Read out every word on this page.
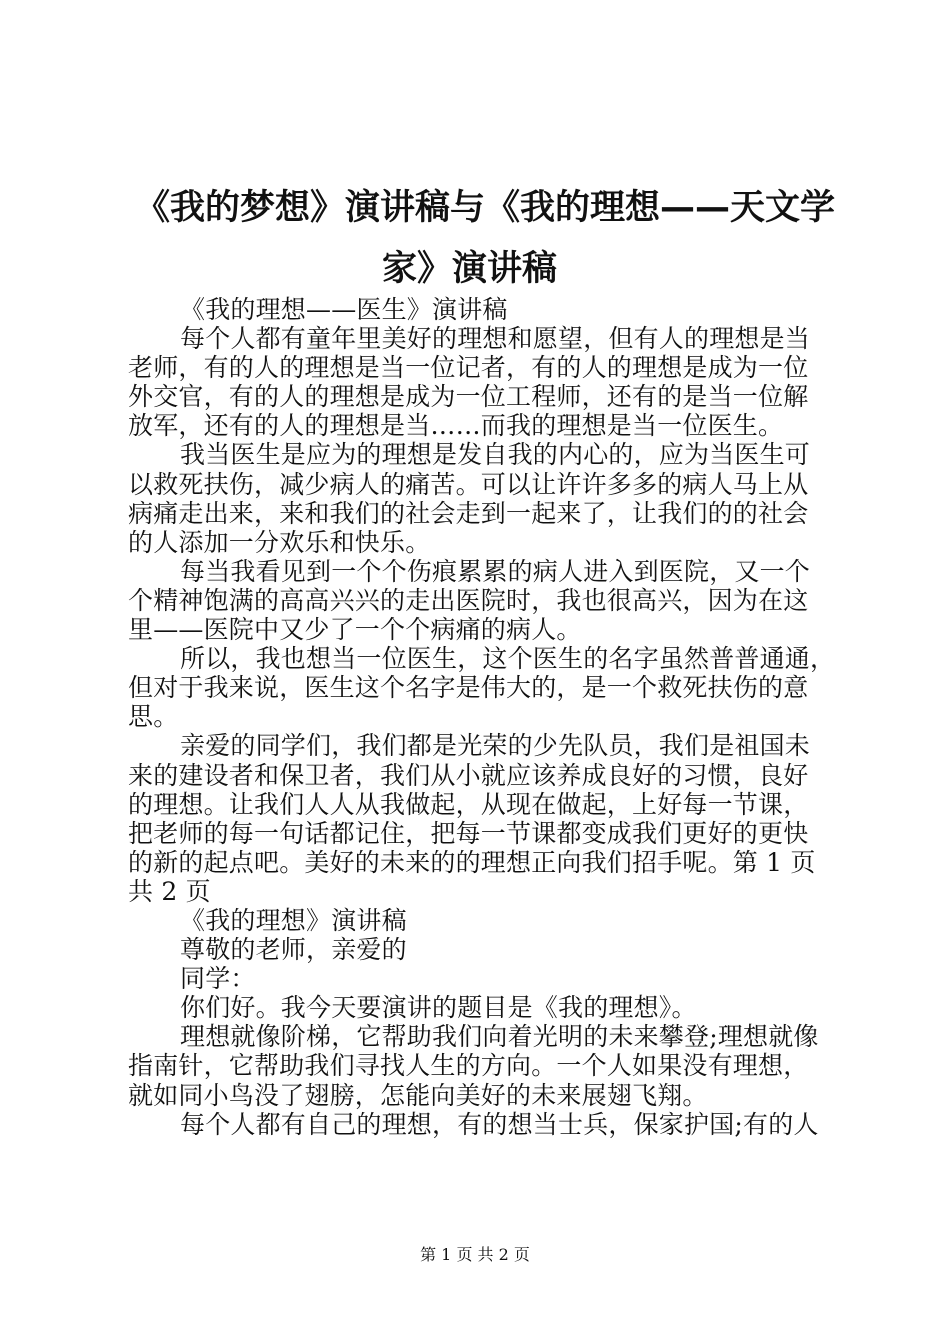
《我的梦想》演讲稿与《我的理想——天文学
家》演讲稿
《我的理想——医生》演讲稿
每个人都有童年里美好的理想和愿望，但有人的理想是当
老师，有的人的理想是当一位记者，有的人的理想是成为一位
外交官，有的人的理想是成为一位工程师，还有的是当一位解
放军，还有的人的理想是当……而我的理想是当一位医生。
我当医生是应为的理想是发自我的内心的，应为当医生可
以救死扶伤，减少病人的痛苦。可以让许许多多的病人马上从
病痛走出来，来和我们的社会走到一起来了，让我们的的社会
的人添加一分欢乐和快乐。
每当我看见到一个个伤痕累累的病人进入到医院，又一个
个精神饱满的高高兴兴的走出医院时，我也很高兴，因为在这
里——医院中又少了一个个病痛的病人。
所以，我也想当一位医生，这个医生的名字虽然普普通通，
但对于我来说，医生这个名字是伟大的，是一个救死扶伤的意
思。
亲爱的同学们，我们都是光荣的少先队员，我们是祖国未
来的建设者和保卫者，我们从小就应该养成良好的习惯，良好
的理想。让我们人人从我做起，从现在做起，上好每一节课，
把老师的每一句话都记住，把每一节课都变成我们更好的更快
的新的起点吧。美好的未来的的理想正向我们招手呢。第 1 页
共 2 页
《我的理想》演讲稿
尊敬的老师，亲爱的
同学：
你们好。我今天要演讲的题目是《我的理想》。
理想就像阶梯，它帮助我们向着光明的未来攀登;理想就像
指南针，它帮助我们寻找人生的方向。一个人如果没有理想，
就如同小鸟没了翅膀，怎能向美好的未来展翅飞翔。
每个人都有自己的理想，有的想当士兵，保家护国;有的人
第 1 页 共 2 页
